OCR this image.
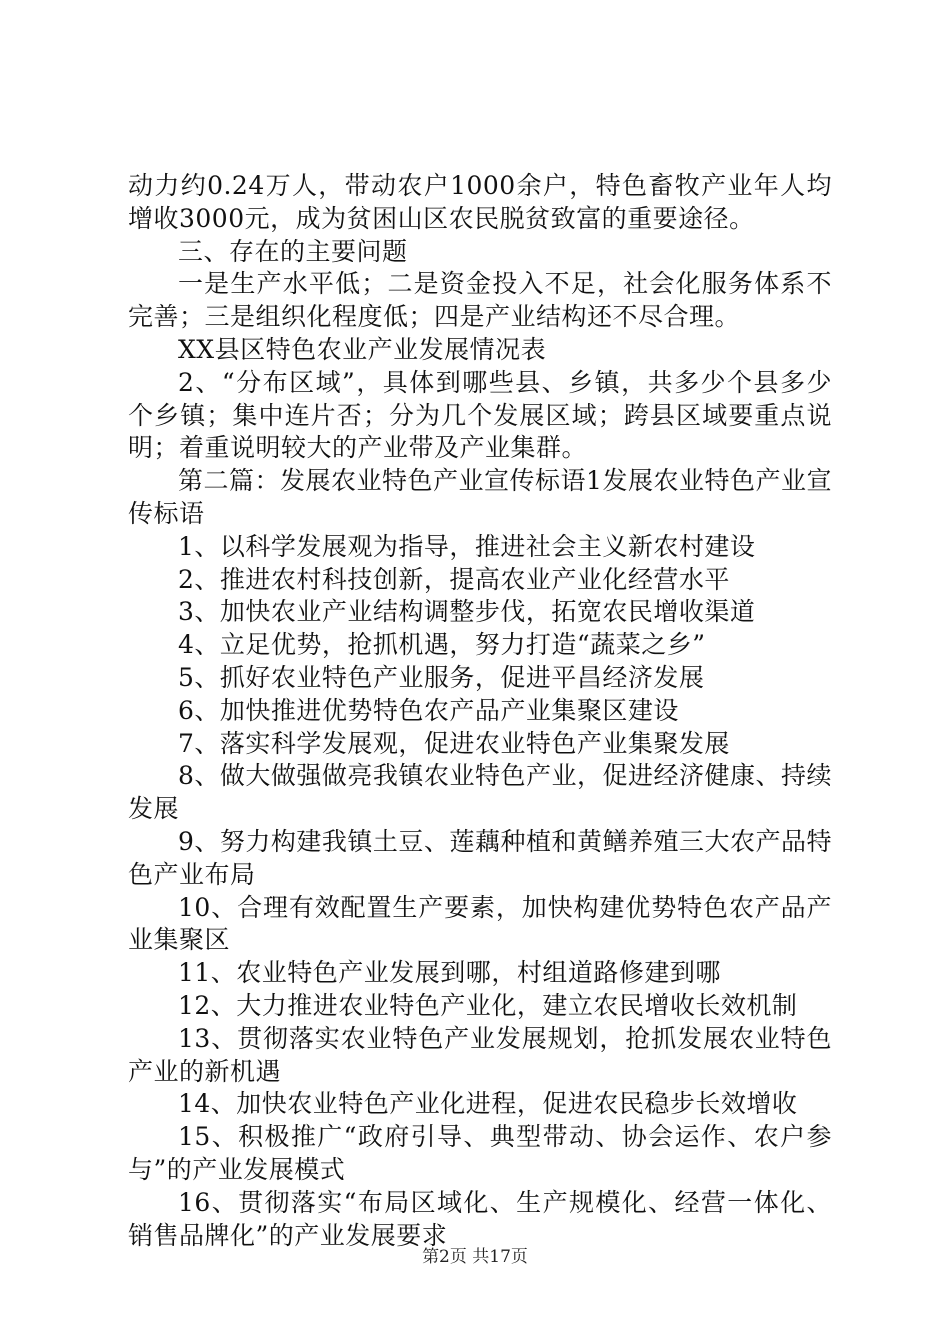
动力约0.24万人，带动农户1000余户，特色畜牧产业年人均增收3000元，成为贫困山区农民脱贫致富的重要途径。

三、存在的主要问题

一是生产水平低；二是资金投入不足，社会化服务体系不完善；三是组织化程度低；四是产业结构还不尽合理。

XX县区特色农业产业发展情况表

2、“分布区域”，具体到哪些县、乡镇，共多少个县多少个乡镇；集中连片否；分为几个发展区域；跨县区域要重点说明；着重说明较大的产业带及产业集群。

第二篇：发展农业特色产业宣传标语1发展农业特色产业宣传标语

1、以科学发展观为指导，推进社会主义新农村建设

2、推进农村科技创新，提高农业产业化经营水平

3、加快农业产业结构调整步伐，拓宽农民增收渠道

4、立足优势，抢抓机遇，努力打造“蔬菜之乡”

5、抓好农业特色产业服务，促进平昌经济发展

6、加快推进优势特色农产品产业集聚区建设

7、落实科学发展观，促进农业特色产业集聚发展

8、做大做强做亮我镇农业特色产业，促进经济健康、持续发展

9、努力构建我镇土豆、莲藕种植和黄鳝养殖三大农产品特色产业布局

10、合理有效配置生产要素，加快构建优势特色农产品产业集聚区

11、农业特色产业发展到哪，村组道路修建到哪

12、大力推进农业特色产业化，建立农民增收长效机制

13、贯彻落实农业特色产业发展规划，抢抓发展农业特色产业的新机遇

14、加快农业特色产业化进程，促进农民稳步长效增收

15、积极推广“政府引导、典型带动、协会运作、农户参与”的产业发展模式

16、贯彻落实“布局区域化、生产规模化、经营一体化、销售品牌化”的产业发展要求

第2页 共17页
